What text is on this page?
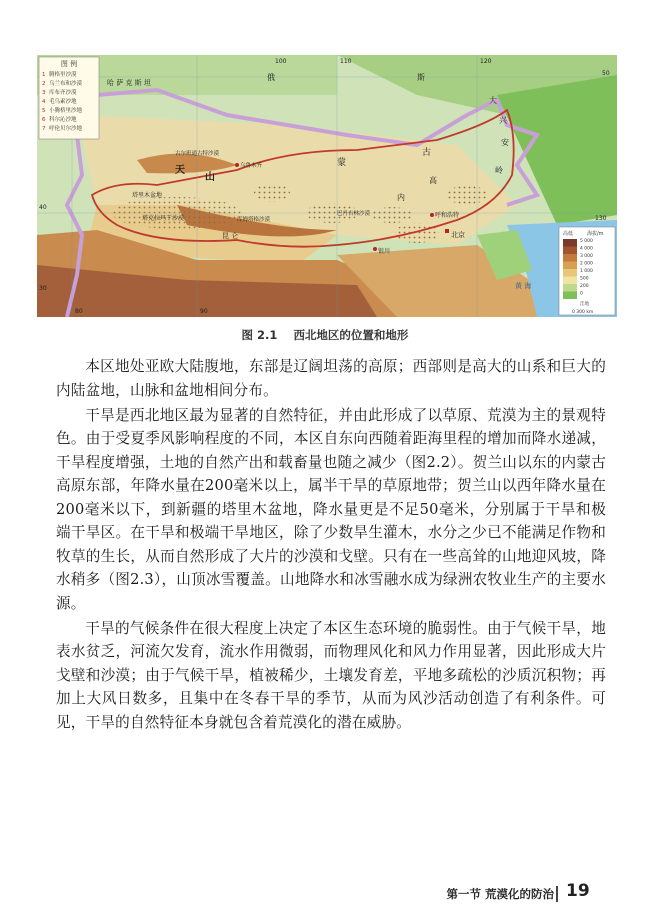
图 例
1 腾格里沙漠
2 乌兰布和沙漠
3 库布齐沙漠
4 毛乌素沙地
5 小腾格里沙地
6 科尔沁沙地
7 呼伦贝尔沙地
哈 萨 克 斯 坦
俄	斯
蒙
古
天
山
古尔班通古特沙漠
乌鲁木齐
塔里木盆地
塔克拉玛干沙漠
巴丹吉林沙漠
昆 仑
库姆塔格沙漠
呼和浩特
北京
银川
大
兴
安
岭
内
高
黄 海
40
50
30
80	90
100	110	120
130
高低	海拔/m
5 000
4 000
3 000
2 000
1 000
500
200
0
洼地
0 300 km
图 2.1 西北地区的位置和地形

本区地处亚欧大陆腹地，东部是辽阔坦荡的高原；西部则是高大的山系和巨大的内陆盆地，山脉和盆地相间分布。

干旱是西北地区最为显著的自然特征，并由此形成了以草原、荒漠为主的景观特色。由于受夏季风影响程度的不同，本区自东向西随着距海里程的增加而降水递减，干旱程度增强，土地的自然产出和载畜量也随之减少（图2.2）。贺兰山以东的内蒙古高原东部，年降水量在200毫米以上，属半干旱的草原地带；贺兰山以西年降水量在200毫米以下，到新疆的塔里木盆地，降水量更是不足50毫米，分别属于干旱和极端干旱区。在干旱和极端干旱地区，除了少数旱生灌木，水分之少已不能满足作物和牧草的生长，从而自然形成了大片的沙漠和戈壁。只有在一些高耸的山地迎风坡，降水稍多（图2.3），山顶冰雪覆盖。山地降水和冰雪融水成为绿洲农牧业生产的主要水源。

干旱的气候条件在很大程度上决定了本区生态环境的脆弱性。由于气候干旱，地表水贫乏，河流欠发育，流水作用微弱，而物理风化和风力作用显著，因此形成大片戈壁和沙漠；由于气候干旱，植被稀少，土壤发育差，平地多疏松的沙质沉积物；再加上大风日数多，且集中在冬春干旱的季节，从而为风沙活动创造了有利条件。可见，干旱的自然特征本身就包含着荒漠化的潜在威胁。

第一节 荒漠化的防治 19
